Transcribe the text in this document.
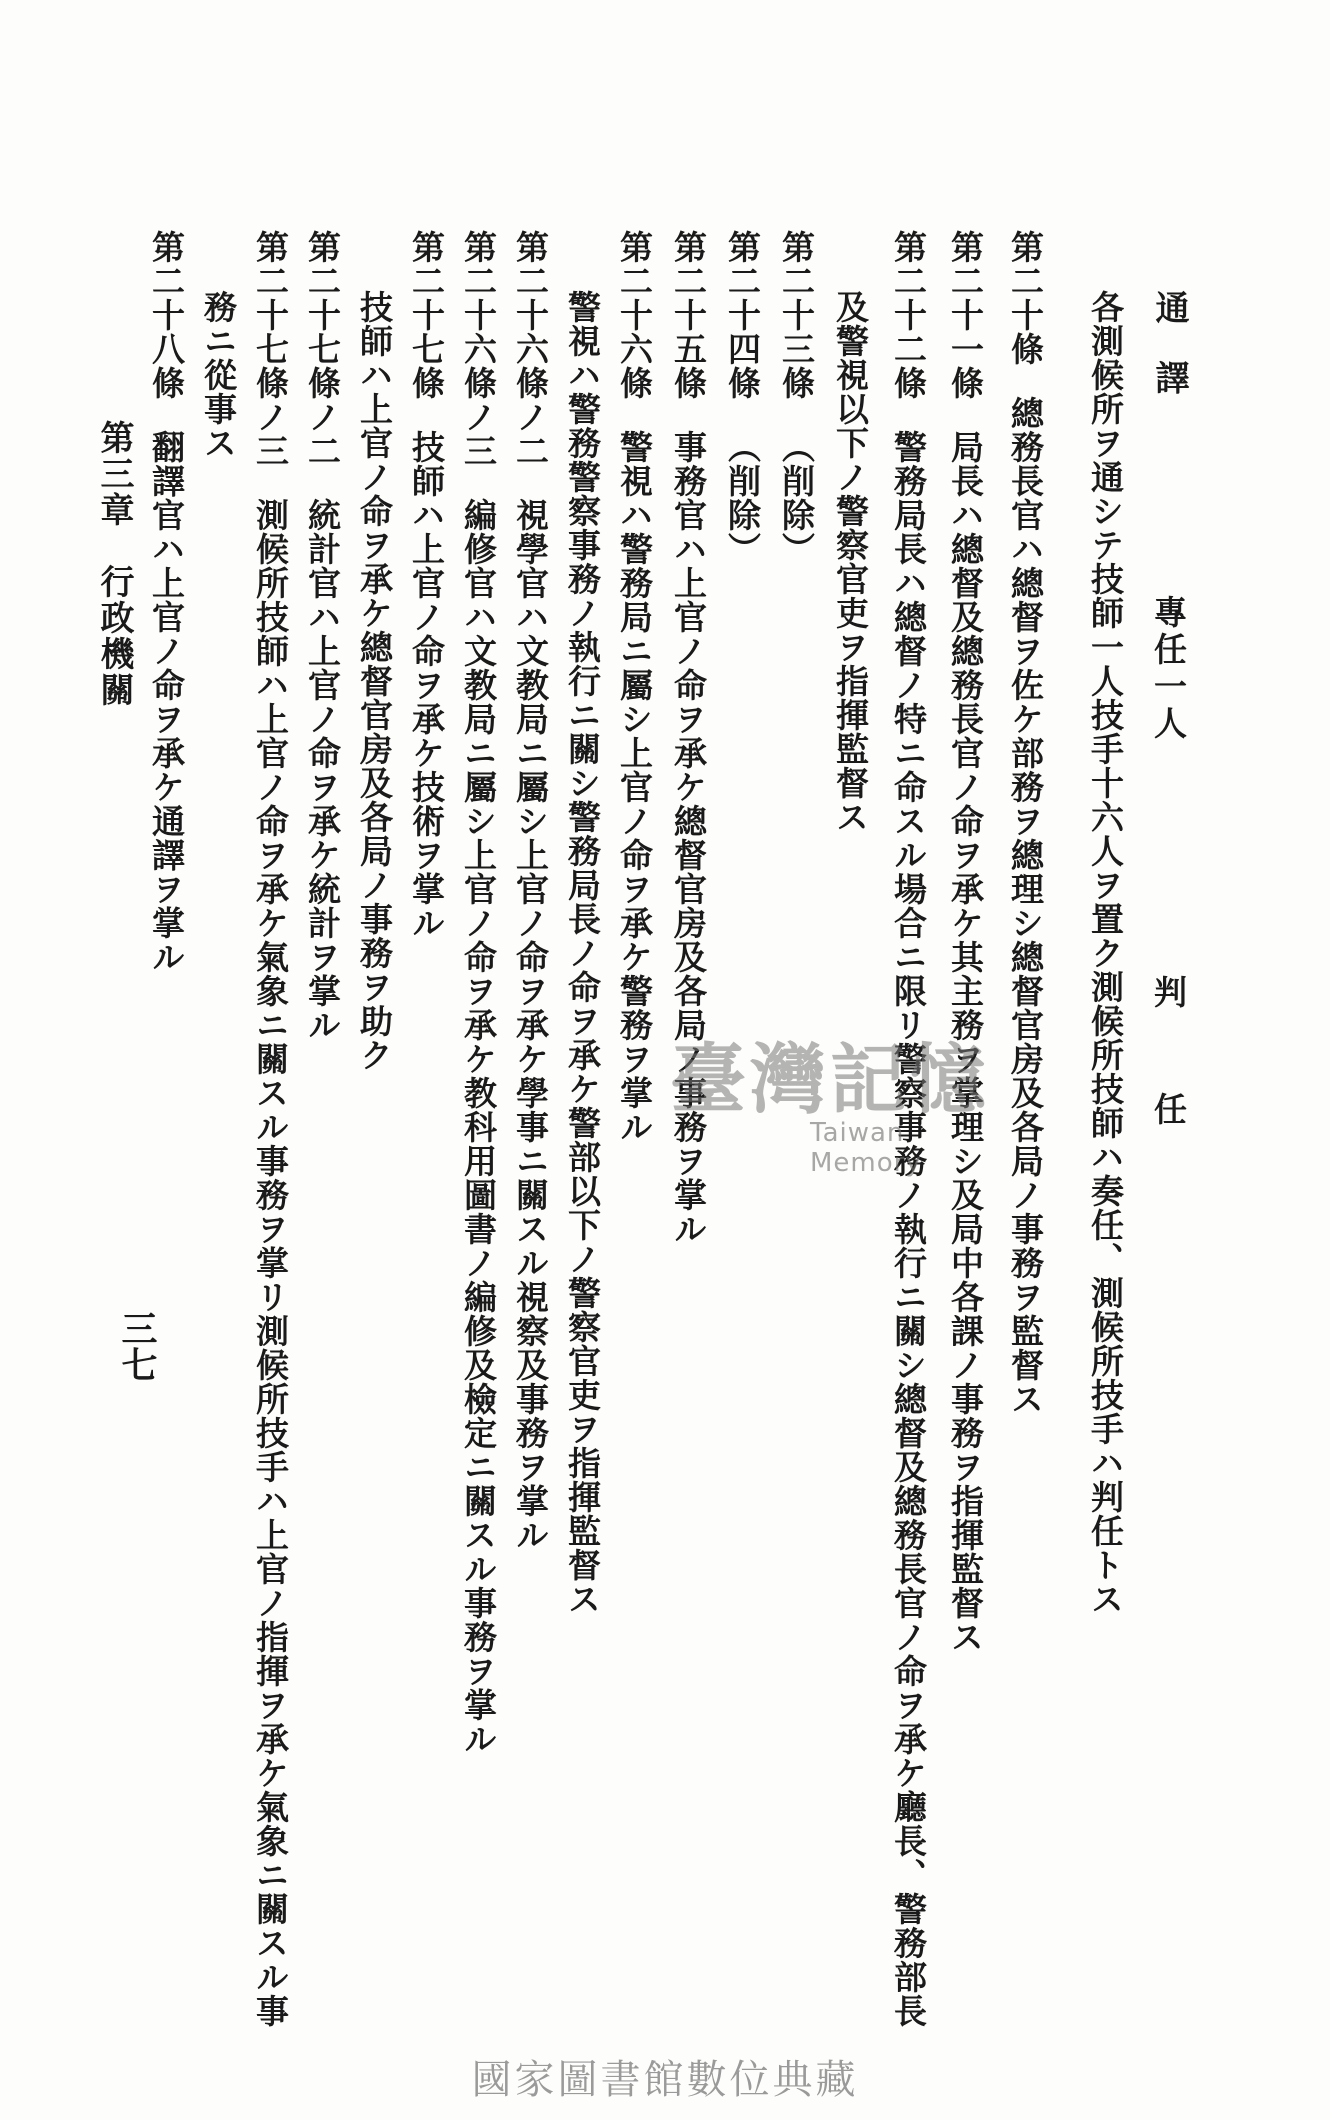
通譯
專任一人
判任
各測候所ヲ通シテ技師一人技手十六人ヲ置ク測候所技師ハ奏任、測候所技手ハ判任トス
第二十條總務長官ハ總督ヲ佐ケ部務ヲ總理シ總督官房及各局ノ事務ヲ監督ス
第二十一條局長ハ總督及總務長官ノ命ヲ承ケ其主務ヲ掌理シ及局中各課ノ事務ヲ指揮監督ス
第二十二條警務局長ハ總督ノ特ニ命スル場合ニ限リ警察事務ノ執行ニ關シ總督及總務長官ノ命ヲ承ケ廳長、警務部長
及警視以下ノ警察官吏ヲ指揮監督ス
第二十三條（削除）
第二十四條（削除）
第二十五條事務官ハ上官ノ命ヲ承ケ總督官房及各局ノ事務ヲ掌ル
第二十六條警視ハ警務局ニ屬シ上官ノ命ヲ承ケ警務ヲ掌ル
警視ハ警務警察事務ノ執行ニ關シ警務局長ノ命ヲ承ケ警部以下ノ警察官吏ヲ指揮監督ス
第二十六條ノ二視學官ハ文教局ニ屬シ上官ノ命ヲ承ケ學事ニ關スル視察及事務ヲ掌ル
第二十六條ノ三編修官ハ文教局ニ屬シ上官ノ命ヲ承ケ教科用圖書ノ編修及檢定ニ關スル事務ヲ掌ル
第二十七條技師ハ上官ノ命ヲ承ケ技術ヲ掌ル
技師ハ上官ノ命ヲ承ケ總督官房及各局ノ事務ヲ助ク
第二十七條ノ二統計官ハ上官ノ命ヲ承ケ統計ヲ掌ル
第二十七條ノ三測候所技師ハ上官ノ命ヲ承ケ氣象ニ關スル事務ヲ掌リ測候所技手ハ上官ノ指揮ヲ承ケ氣象ニ關スル事
務ニ從事ス
第二十八條翻譯官ハ上官ノ命ヲ承ケ通譯ヲ掌ル
第三章　行政機關
三七
臺灣記憶
Taiwan Memory
國家圖書館數位典藏
